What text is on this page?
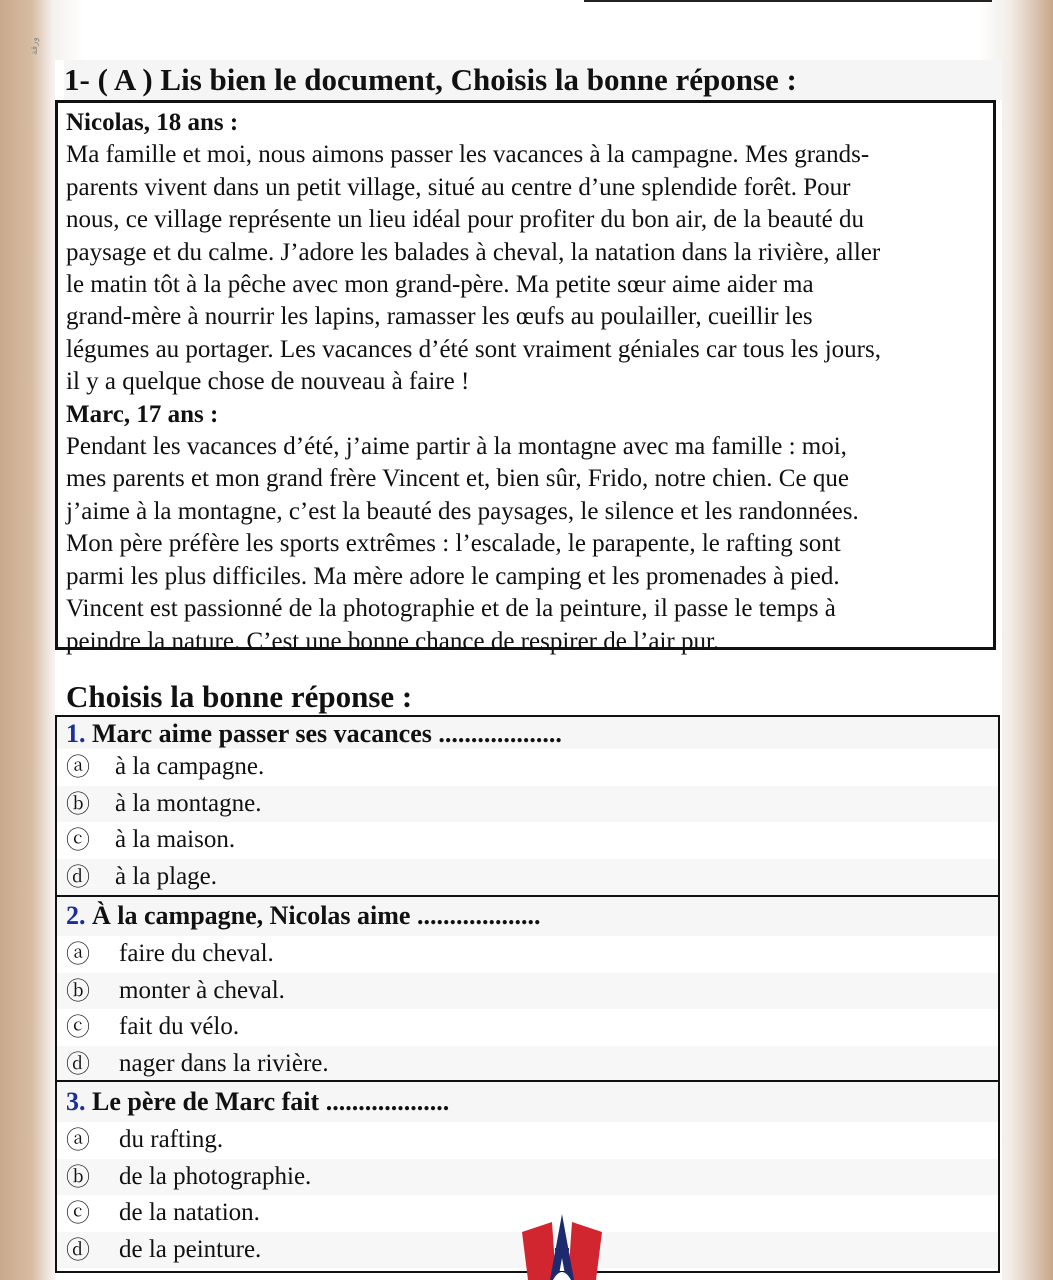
ورقة
1- ( A ) Lis bien le document, Choisis la bonne réponse :

Nicolas, 18 ans :

Ma famille et moi, nous aimons passer les vacances à la campagne. Mes grands-

parents vivent dans un petit village, situé au centre d’une splendide forêt. Pour

nous, ce village représente un lieu idéal pour profiter du bon air, de la beauté du

paysage et du calme. J’adore les balades à cheval, la natation dans la rivière, aller

le matin tôt à la pêche avec mon grand-père. Ma petite sœur aime aider ma

grand-mère à nourrir les lapins, ramasser les œufs au poulailler, cueillir les

légumes au portager. Les vacances d’été sont vraiment géniales car tous les jours,

il y a quelque chose de nouveau à faire !

Marc, 17 ans :

Pendant les vacances d’été, j’aime partir à la montagne avec ma famille : moi,

mes parents et mon grand frère Vincent et, bien sûr, Frido, notre chien. Ce que

j’aime à la montagne, c’est la beauté des paysages, le silence et les randonnées.

Mon père préfère les sports extrêmes : l’escalade, le parapente, le rafting sont

parmi les plus difficiles. Ma mère adore le camping et les promenades à pied.

Vincent est passionné de la photographie et de la peinture, il passe le temps à

peindre la nature. C’est une bonne chance de respirer de l’air pur.

Choisis la bonne réponse :
1. Marc aime passer ses vacances ...................
ⓐ à la campagne.
ⓑ à la montagne.
ⓒ à la maison.
ⓓ à la plage.
2. À la campagne, Nicolas aime ...................
ⓐ faire du cheval.
ⓑ monter à cheval.
ⓒ fait du vélo.
ⓓ nager dans la rivière.
3. Le père de Marc fait ...................
ⓐ du rafting.
ⓑ de la photographie.
ⓒ de la natation.
ⓓ de la peinture.
